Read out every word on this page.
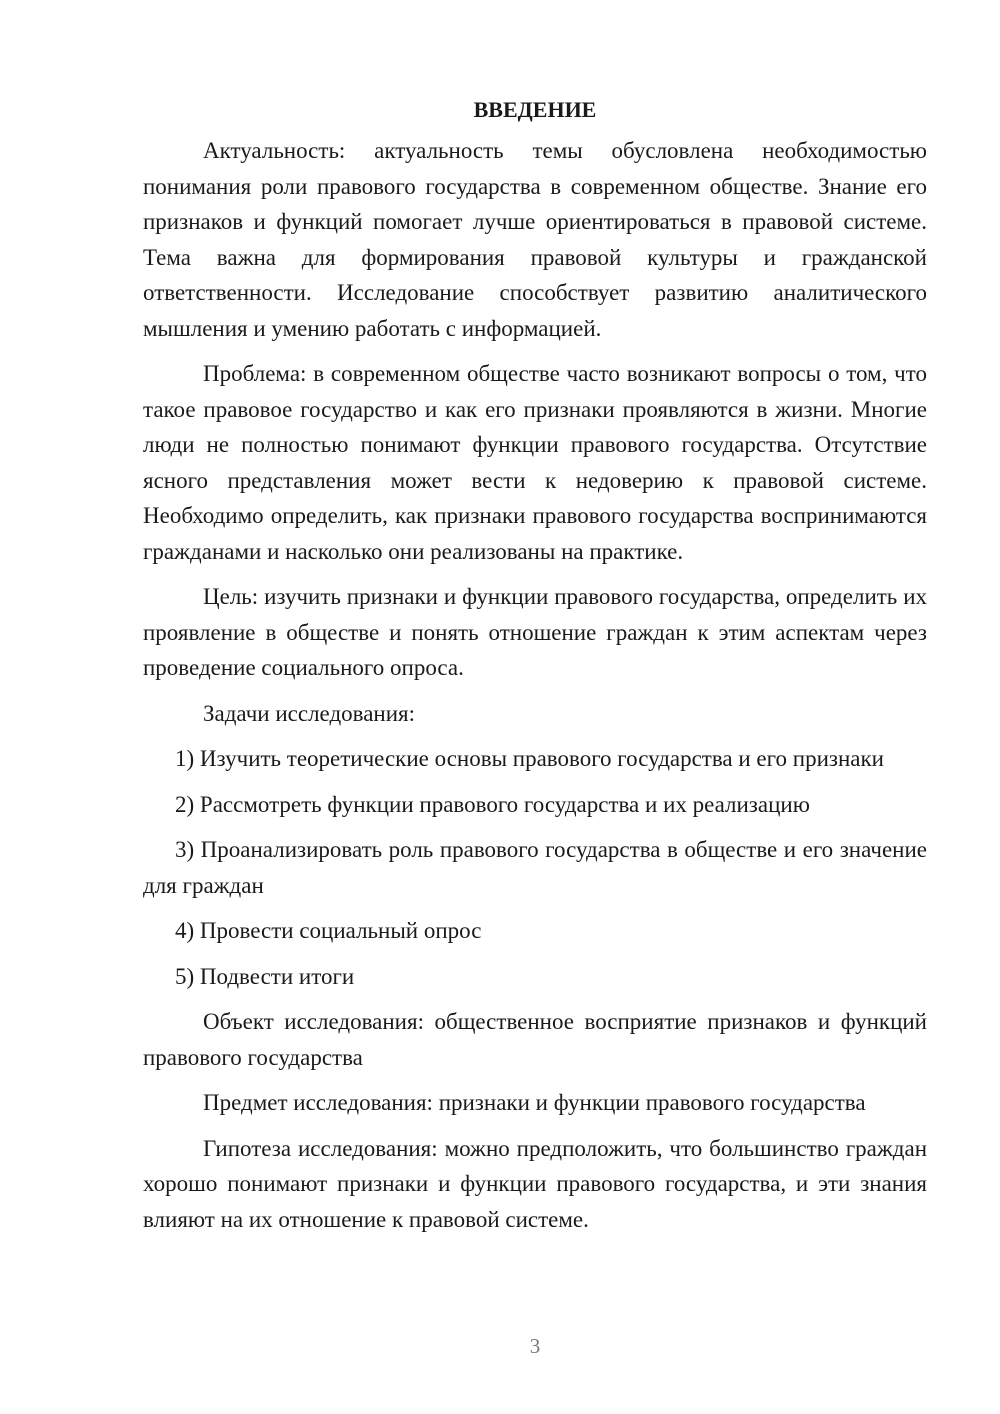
ВВЕДЕНИЕ

Актуальность: актуальность темы обусловлена необходимостью понимания роли правового государства в современном обществе. Знание его признаков и функций помогает лучше ориентироваться в правовой системе. Тема важна для формирования правовой культуры и гражданской ответственности. Исследование способствует развитию аналитического мышления и умению работать с информацией.

Проблема: в современном обществе часто возникают вопросы о том, что такое правовое государство и как его признаки проявляются в жизни. Многие люди не полностью понимают функции правового государства. Отсутствие ясного представления может вести к недоверию к правовой системе. Необходимо определить, как признаки правового государства воспринимаются гражданами и насколько они реализованы на практике.

Цель: изучить признаки и функции правового государства, определить их проявление в обществе и понять отношение граждан к этим аспектам через проведение социального опроса.

Задачи исследования:

1) Изучить теоретические основы правового государства и его признаки

2) Рассмотреть функции правового государства и их реализацию

3) Проанализировать роль правового государства в обществе и его значение для граждан

4) Провести социальный опрос

5) Подвести итоги

Объект исследования: общественное восприятие признаков и функций правового государства

Предмет исследования: признаки и функции правового государства

Гипотеза исследования: можно предположить, что большинство граждан хорошо понимают признаки и функции правового государства, и эти знания влияют на их отношение к правовой системе.

3
